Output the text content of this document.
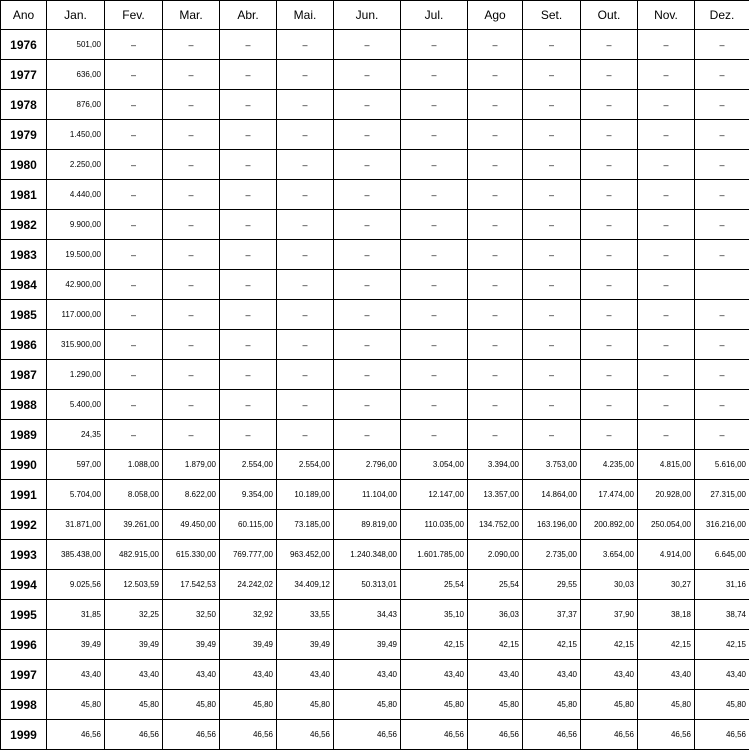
Ano	Jan.	Fev.	Mar.	Abr.	Mai.	Jun.	Jul.	Ago	Set.	Out.	Nov.	Dez.
1976	501,00	–	–	–	–	–	–	–	–	–	–	–
1977	636,00	–	–	–	–	–	–	–	–	–	–	–
1978	876,00	–	–	–	–	–	–	–	–	–	–	–
1979	1.450,00	–	–	–	–	–	–	–	–	–	–	–
1980	2.250,00	–	–	–	–	–	–	–	–	–	–	–
1981	4.440,00	–	–	–	–	–	–	–	–	–	–	–
1982	9.900,00	–	–	–	–	–	–	–	–	–	–	–
1983	19.500,00	–	–	–	–	–	–	–	–	–	–	–
1984	42.900,00	–	–	–	–	–	–	–	–	–	–	
1985	117.000,00	–	–	–	–	–	–	–	–	–	–	–
1986	315.900,00	–	–	–	–	–	–	–	–	–	–	–
1987	1.290,00	–	–	–	–	–	–	–	–	–	–	–
1988	5.400,00	–	–	–	–	–	–	–	–	–	–	–
1989	24,35	–	–	–	–	–	–	–	–	–	–	–
1990	597,00	1.088,00	1.879,00	2.554,00	2.554,00	2.796,00	3.054,00	3.394,00	3.753,00	4.235,00	4.815,00	5.616,00
1991	5.704,00	8.058,00	8.622,00	9.354,00	10.189,00	11.104,00	12.147,00	13.357,00	14.864,00	17.474,00	20.928,00	27.315,00
1992	31.871,00	39.261,00	49.450,00	60.115,00	73.185,00	89.819,00	110.035,00	134.752,00	163.196,00	200.892,00	250.054,00	316.216,00
1993	385.438,00	482.915,00	615.330,00	769.777,00	963.452,00	1.240.348,00	1.601.785,00	2.090,00	2.735,00	3.654,00	4.914,00	6.645,00
1994	9.025,56	12.503,59	17.542,53	24.242,02	34.409,12	50.313,01	25,54	25,54	29,55	30,03	30,27	31,16
1995	31,85	32,25	32,50	32,92	33,55	34,43	35,10	36,03	37,37	37,90	38,18	38,74
1996	39,49	39,49	39,49	39,49	39,49	39,49	42,15	42,15	42,15	42,15	42,15	42,15
1997	43,40	43,40	43,40	43,40	43,40	43,40	43,40	43,40	43,40	43,40	43,40	43,40
1998	45,80	45,80	45,80	45,80	45,80	45,80	45,80	45,80	45,80	45,80	45,80	45,80
1999	46,56	46,56	46,56	46,56	46,56	46,56	46,56	46,56	46,56	46,56	46,56	46,56
